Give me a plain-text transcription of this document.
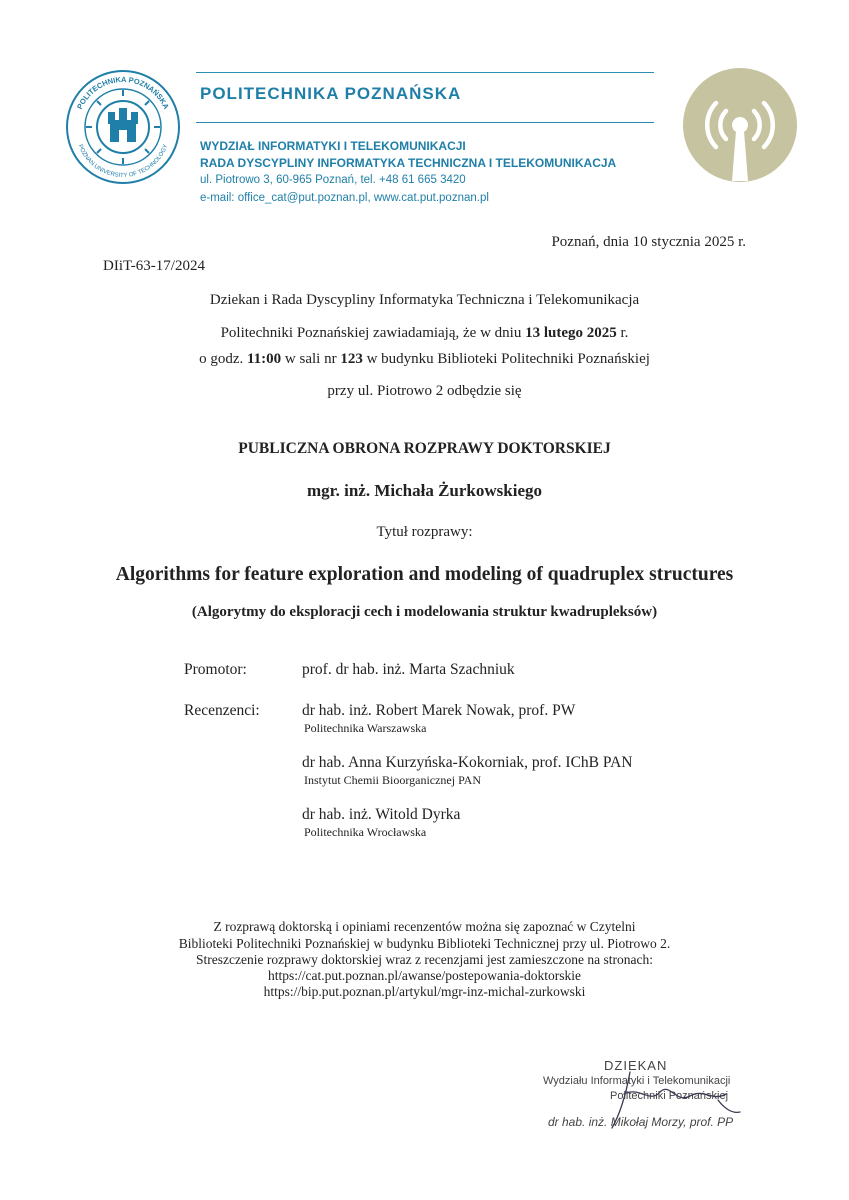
POLITECHNIKA POZNAŃSKA
POZNAN UNIVERSITY OF TECHNOLOGY
POLITECHNIKA POZNAŃSKA
WYDZIAŁ INFORMATYKI I TELEKOMUNIKACJI
RADA DYSCYPLINY INFORMATYKA TECHNICZNA I TELEKOMUNIKACJA
ul. Piotrowo 3, 60-965 Poznań, tel. +48 61 665 3420
e-mail: office_cat@put.poznan.pl, www.cat.put.poznan.pl
Poznań, dnia 10 stycznia 2025 r.
DIiT-63-17/2024
Dziekan i Rada Dyscypliny Informatyka Techniczna i Telekomunikacja
Politechniki Poznańskiej zawiadamiają, że w dniu 13 lutego 2025 r.
o godz. 11:00 w sali nr 123 w budynku Biblioteki Politechniki Poznańskiej
przy ul. Piotrowo 2 odbędzie się
PUBLICZNA OBRONA ROZPRAWY DOKTORSKIEJ
mgr. inż. Michała Żurkowskiego
Tytuł rozprawy:
Algorithms for feature exploration and modeling of quadruplex structures
(Algorytmy do eksploracji cech i modelowania struktur kwadrupleksów)
Promotor:	prof. dr hab. inż. Marta Szachniuk
Recenzenci:	dr hab. inż. Robert Marek Nowak, prof. PW
Politechnika Warszawska
dr hab. Anna Kurzyńska-Kokorniak, prof. IChB PAN
Instytut Chemii Bioorganicznej PAN
dr hab. inż. Witold Dyrka
Politechnika Wrocławska
Z rozprawą doktorską i opiniami recenzentów można się zapoznać w Czytelni
Biblioteki Politechniki Poznańskiej w budynku Biblioteki Technicznej przy ul. Piotrowo 2.
Streszczenie rozprawy doktorskiej wraz z recenzjami jest zamieszczone na stronach:
https://cat.put.poznan.pl/awanse/postepowania-doktorskie
https://bip.put.poznan.pl/artykul/mgr-inz-michal-zurkowski
DZIEKAN
Wydziału Informatyki i Telekomunikacji
Politechniki Poznańskiej
dr hab. inż. Mikołaj Morzy, prof. PP
